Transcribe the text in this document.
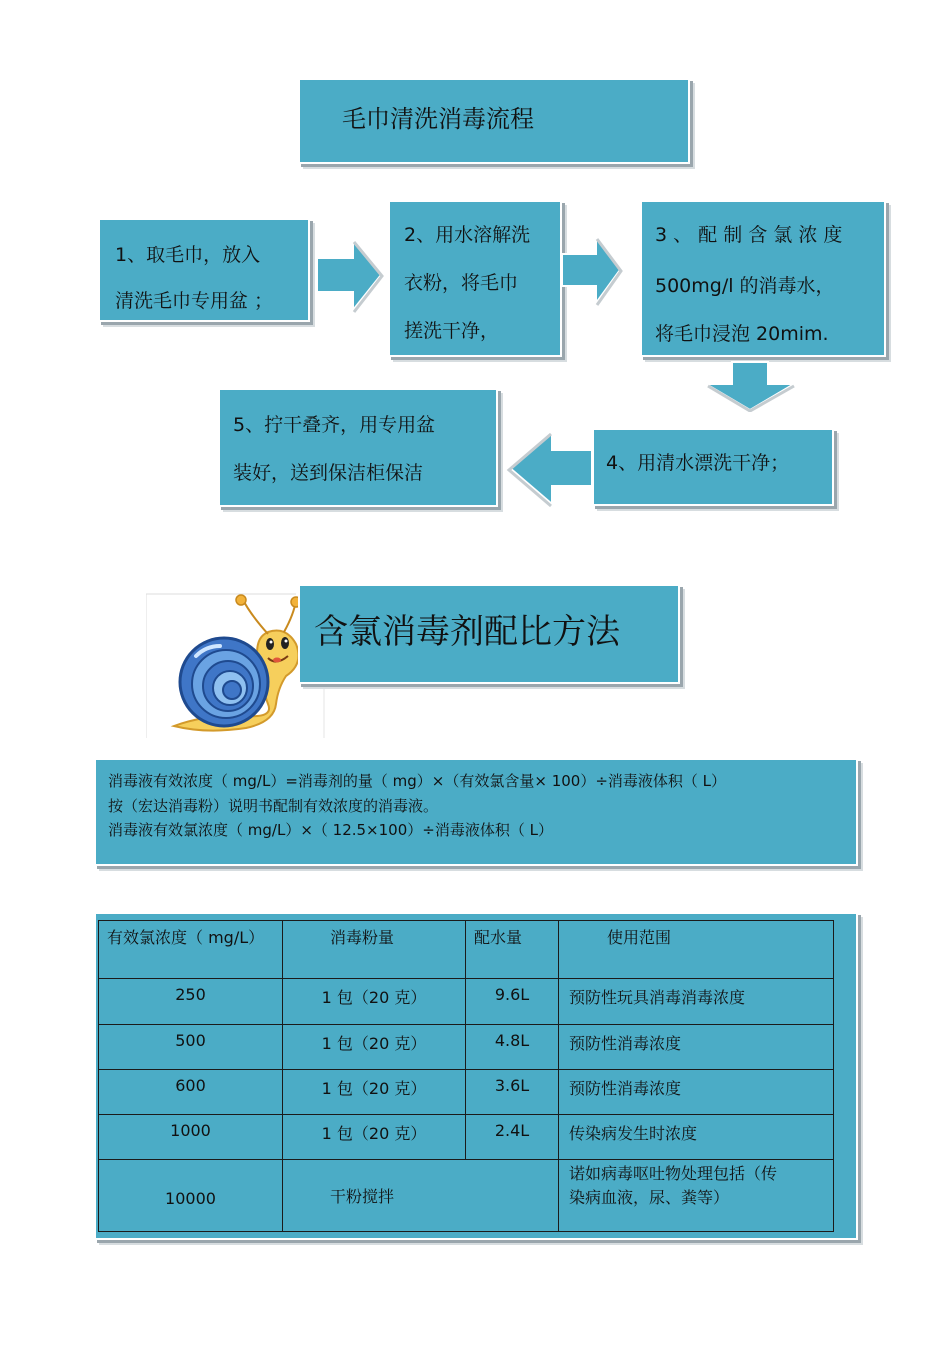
毛巾清洗消毒流程
1、取毛巾，放入
清洗毛巾专用盆 ；
2、用水溶解洗
衣粉，将毛巾
搓洗干净，
3 、 配 制 含 氯 浓 度
500mg/l 的消毒水，
将毛巾浸泡 20mim.
4、用清水漂洗干净；
5、拧干叠齐，用专用盆
装好，送到保洁柜保洁
含氯消毒剂配比方法
消毒液有效浓度（ mg/L）=消毒剂的量（ mg）×（有效氯含量× 100）÷消毒液体积（ L）
按（宏达消毒粉）说明书配制有效浓度的消毒液。
消毒液有效氯浓度（ mg/L）×（ 12.5×100）÷消毒液体积（ L）
有效氯浓度（ mg/L）	消毒粉量	配水量	使用范围

250	1 包（20 克）	9.6L	预防性玩具消毒消毒浓度

500	1 包（20 克）	4.8L	预防性消毒浓度

600	1 包（20 克）	3.6L	预防性消毒浓度

1000	1 包（20 克）	2.4L	传染病发生时浓度

10000	干粉搅拌		诺如病毒呕吐物处理包括（传
染病血液，尿、粪等）
